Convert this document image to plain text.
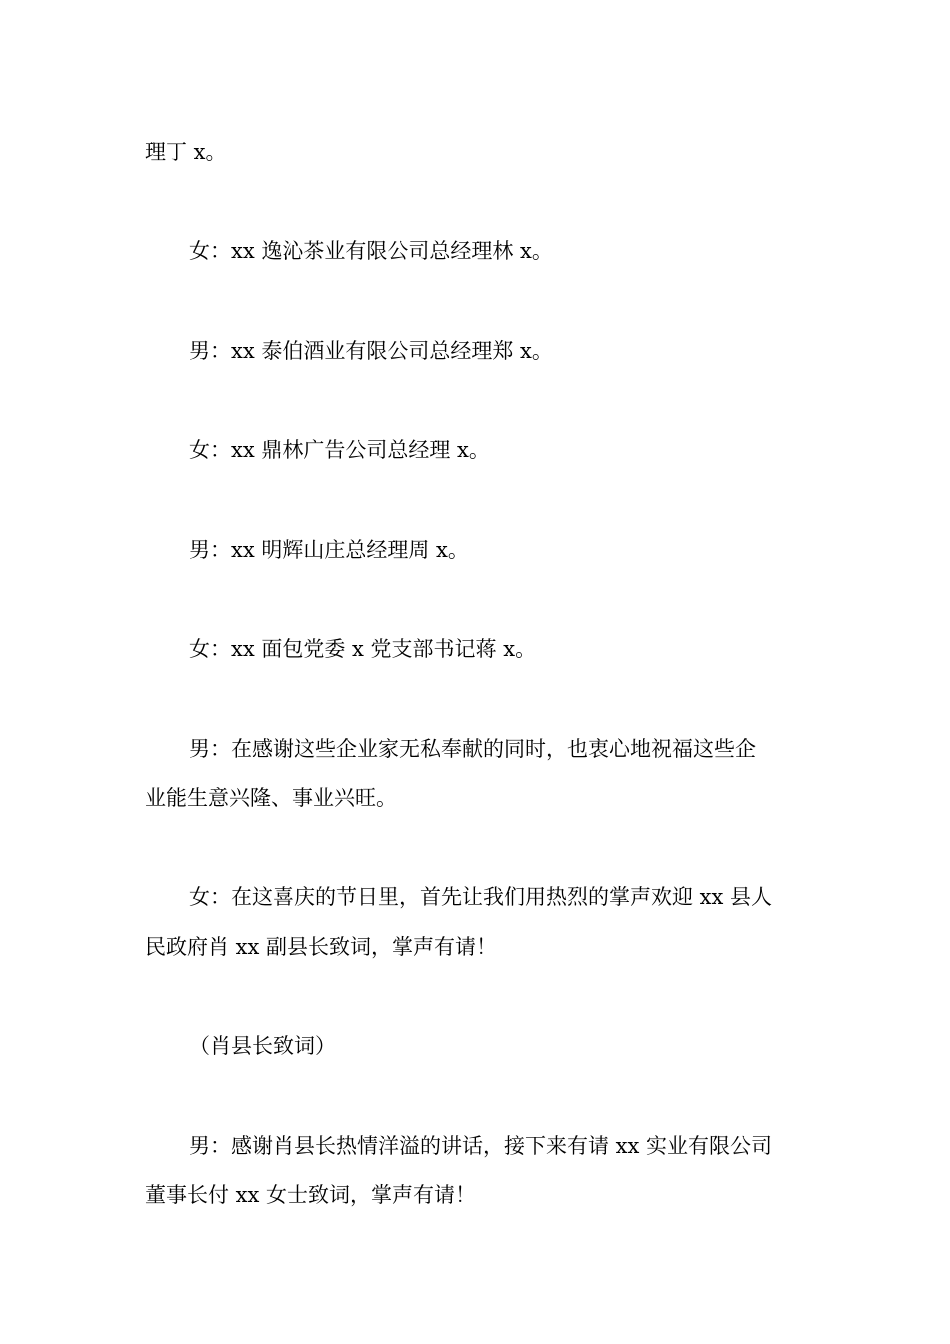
理丁 x。
女：xx 逸沁茶业有限公司总经理林 x。
男：xx 泰伯酒业有限公司总经理郑 x。
女：xx 鼎林广告公司总经理 x。
男：xx 明辉山庄总经理周 x。
女：xx 面包党委 x 党支部书记蒋 x。
男：在感谢这些企业家无私奉献的同时，也衷心地祝福这些企
业能生意兴隆、事业兴旺。
女：在这喜庆的节日里，首先让我们用热烈的掌声欢迎 xx 县人
民政府肖 xx 副县长致词，掌声有请！
（肖县长致词）
男：感谢肖县长热情洋溢的讲话，接下来有请 xx 实业有限公司
董事长付 xx 女士致词，掌声有请！
